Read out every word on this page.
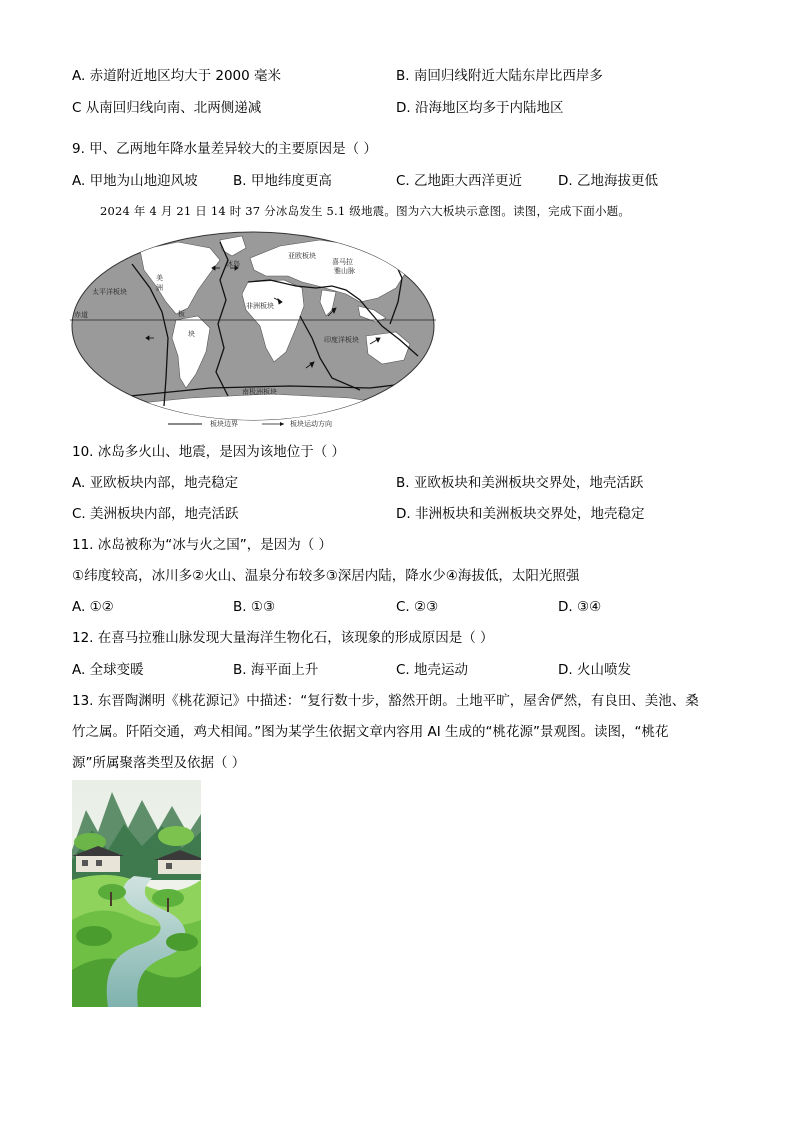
A. 赤道附近地区均大于 2000 毫米	B. 南回归线附近大陆东岸比西岸多
C 从南回归线向南、北两侧递减	D. 沿海地区均多于内陆地区
9. 甲、乙两地年降水量差异较大的主要原因是（ ）
A. 甲地为山地迎风坡	B. 甲地纬度更高	C. 乙地距大西洋更近	D. 乙地海拔更低
2024 年 4 月 21 日 14 时 37 分冰岛发生 5.1 级地震。图为六大板块示意图。读图，完成下面小题。
冰岛
亚欧板块
喜马拉
雅山脉
美
洲
板
块
太平洋板块
赤道
非洲板块
印度洋板块
南极洲板块
板块边界	板块运动方向
10. 冰岛多火山、地震，是因为该地位于（ ）
A. 亚欧板块内部，地壳稳定	B. 亚欧板块和美洲板块交界处，地壳活跃
C. 美洲板块内部，地壳活跃	D. 非洲板块和美洲板块交界处，地壳稳定
11. 冰岛被称为“冰与火之国”，是因为（ ）
①纬度较高，冰川多②火山、温泉分布较多③深居内陆，降水少④海拔低，太阳光照强
A. ①②	B. ①③	C. ②③	D. ③④
12. 在喜马拉雅山脉发现大量海洋生物化石，该现象的形成原因是（ ）
A. 全球变暖	B. 海平面上升	C. 地壳运动	D. 火山喷发
13. 东晋陶渊明《桃花源记》中描述：“复行数十步，豁然开朗。土地平旷，屋舍俨然，有良田、美池、桑
竹之属。阡陌交通，鸡犬相闻。”图为某学生依据文章内容用 AI 生成的“桃花源”景观图。读图，“桃花
源”所属聚落类型及依据（ ）
